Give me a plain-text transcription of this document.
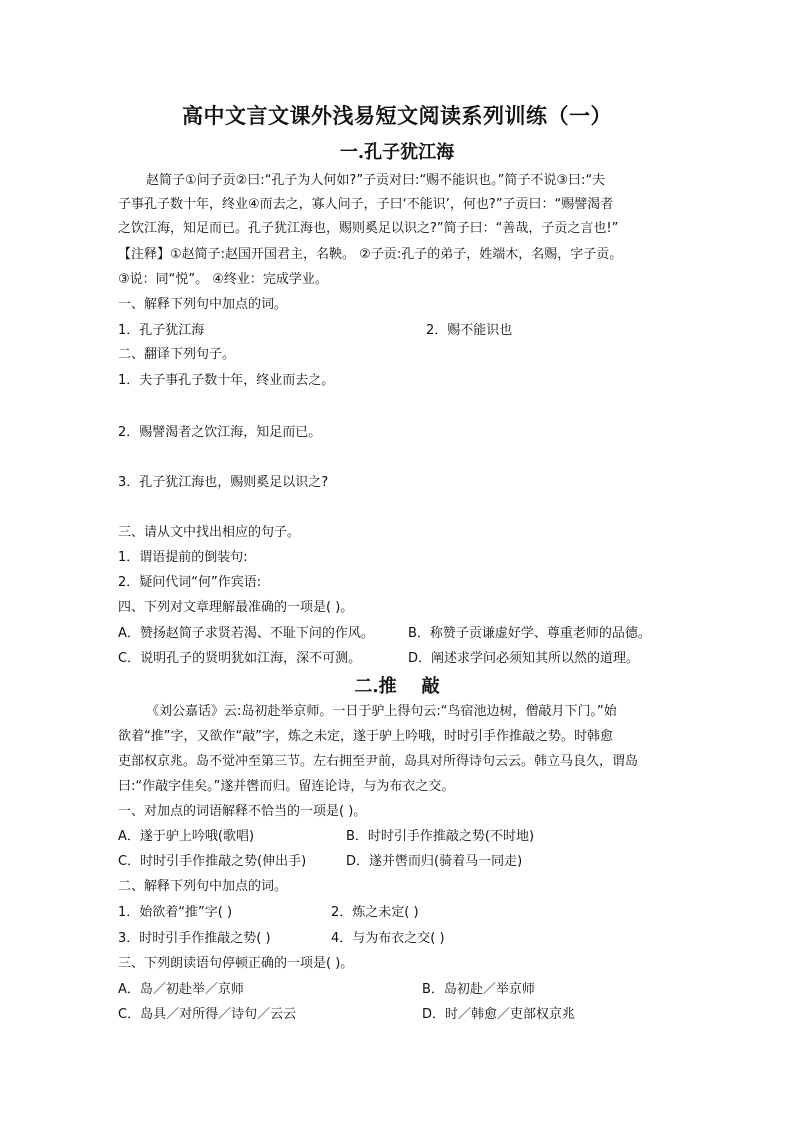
高中文言文课外浅易短文阅读系列训练（一）
一.孔子犹江海
赵简子①问子贡②曰:“孔子为人何如?”子贡对曰:“赐不能识也。”简子不说③曰:“夫
子事孔子数十年，终业④而去之，寡人问子，子曰‘不能识’，何也?”子贡曰：“赐譬渴者
之饮江海，知足而已。孔子犹江海也，赐则奚足以识之?”简子曰：“善哉，子贡之言也!”
【注释】①赵简子:赵国开国君主，名鞅。 ②子贡:孔子的弟子，姓端木，名赐，字子贡。
③说：同“悦”。 ④终业：完成学业。
一、解释下列句中加点的词。
1．孔子犹江海	2．赐不能识也
二、翻译下列句子。
1．夫子事孔子数十年，终业而去之。
2．赐譬渴者之饮江海，知足而已。
3．孔子犹江海也，赐则奚足以识之?
三、请从文中找出相应的句子。
1．谓语提前的倒装句:
2．疑问代词“何”作宾语:
四、下列对文章理解最准确的一项是( )。
A．赞扬赵简子求贤若渴、不耻下问的作风。	B．称赞子贡谦虚好学、尊重老师的品德。
C．说明孔子的贤明犹如江海，深不可测。	D．阐述求学问必须知其所以然的道理。
二.推    敲
《刘公嘉话》云:岛初赴举京师。一日于驴上得句云:“鸟宿池边树，僧敲月下门。”始
欲着“推”字，又欲作“敲”字，炼之未定，遂于驴上吟哦，时时引手作推敲之势。时韩愈
吏部权京兆。岛不觉冲至第三节。左右拥至尹前，岛具对所得诗句云云。韩立马良久，谓岛
曰:“作敲字佳矣。”遂并辔而归。留连论诗，与为布衣之交。
一、对加点的词语解释不恰当的一项是( )。
A．遂于驴上吟哦(歌唱)	B．时时引手作推敲之势(不时地)
C．时时引手作推敲之势(伸出手)	D．遂并辔而归(骑着马一同走)
二、解释下列句中加点的词。
1．始欲着“推”字( )	2．炼之未定( )
3．时时引手作推敲之势( )	4．与为布衣之交( )
三、下列朗读语句停顿正确的一项是( )。
A．岛／初赴举／京师	B．岛初赴／举京师
C．岛具／对所得／诗句／云云	D．时／韩愈／吏部权京兆
